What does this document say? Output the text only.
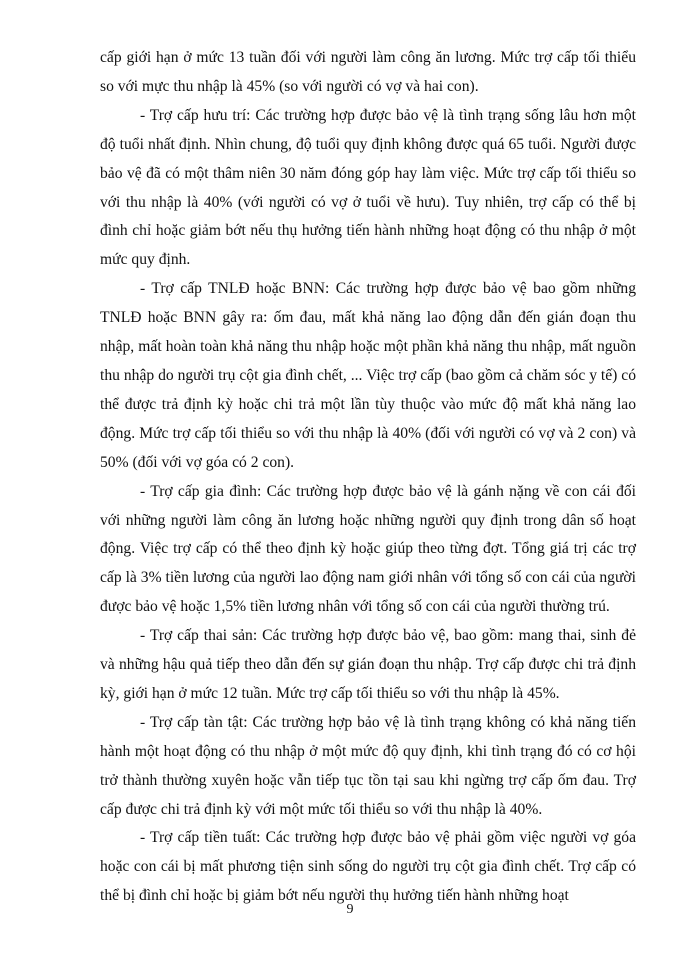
cấp giới hạn ở mức 13 tuần đối với người làm công ăn lương. Mức trợ cấp tối thiểu so với mực thu nhập là 45% (so với người có vợ và hai con).

- Trợ cấp hưu trí: Các trường hợp được bảo vệ là tình trạng sống lâu hơn một độ tuổi nhất định. Nhìn chung, độ tuổi quy định không được quá 65 tuổi. Người được bảo vệ đã có một thâm niên 30 năm đóng góp hay làm việc. Mức trợ cấp tối thiểu so với thu nhập là 40% (với người có vợ ở tuổi về hưu). Tuy nhiên, trợ cấp có thể bị đình chỉ hoặc giảm bớt nếu thụ hưởng tiến hành những hoạt động có thu nhập ở một mức quy định.

- Trợ cấp TNLĐ hoặc BNN: Các trường hợp được bảo vệ bao gồm những TNLĐ hoặc BNN gây ra: ốm đau, mất khả năng lao động dẫn đến gián đoạn thu nhập, mất hoàn toàn khả năng thu nhập hoặc một phần khả năng thu nhập, mất nguồn thu nhập do người trụ cột gia đình chết, ... Việc trợ cấp (bao gồm cả chăm sóc y tế) có thể được trả định kỳ hoặc chi trả một lần tùy thuộc vào mức độ mất khả năng lao động. Mức trợ cấp tối thiểu so với thu nhập là 40% (đối với người có vợ và 2 con) và 50% (đối với vợ góa có 2 con).

- Trợ cấp gia đình: Các trường hợp được bảo vệ là gánh nặng về con cái đối với những người làm công ăn lương hoặc những người quy định trong dân số hoạt động. Việc trợ cấp có thể theo định kỳ hoặc giúp theo từng đợt. Tổng giá trị các trợ cấp là 3% tiền lương của người lao động nam giới nhân với tổng số con cái của người được bảo vệ hoặc 1,5% tiền lương nhân với tổng số con cái của người thường trú.

- Trợ cấp thai sản: Các trường hợp được bảo vệ, bao gồm: mang thai, sinh đẻ và những hậu quả tiếp theo dẫn đến sự gián đoạn thu nhập. Trợ cấp được chi trả định kỳ, giới hạn ở mức 12 tuần. Mức trợ cấp tối thiểu so với thu nhập là 45%.

- Trợ cấp tàn tật: Các trường hợp bảo vệ là tình trạng không có khả năng tiến hành một hoạt động có thu nhập ở một mức độ quy định, khi tình trạng đó có cơ hội trở thành thường xuyên hoặc vẫn tiếp tục tồn tại sau khi ngừng trợ cấp ốm đau. Trợ cấp được chi trả định kỳ với một mức tối thiểu so với thu nhập là 40%.

- Trợ cấp tiền tuất: Các trường hợp được bảo vệ phải gồm việc người vợ góa hoặc con cái bị mất phương tiện sinh sống do người trụ cột gia đình chết. Trợ cấp có thể bị đình chỉ hoặc bị giảm bớt nếu người thụ hưởng tiến hành những hoạt

9
